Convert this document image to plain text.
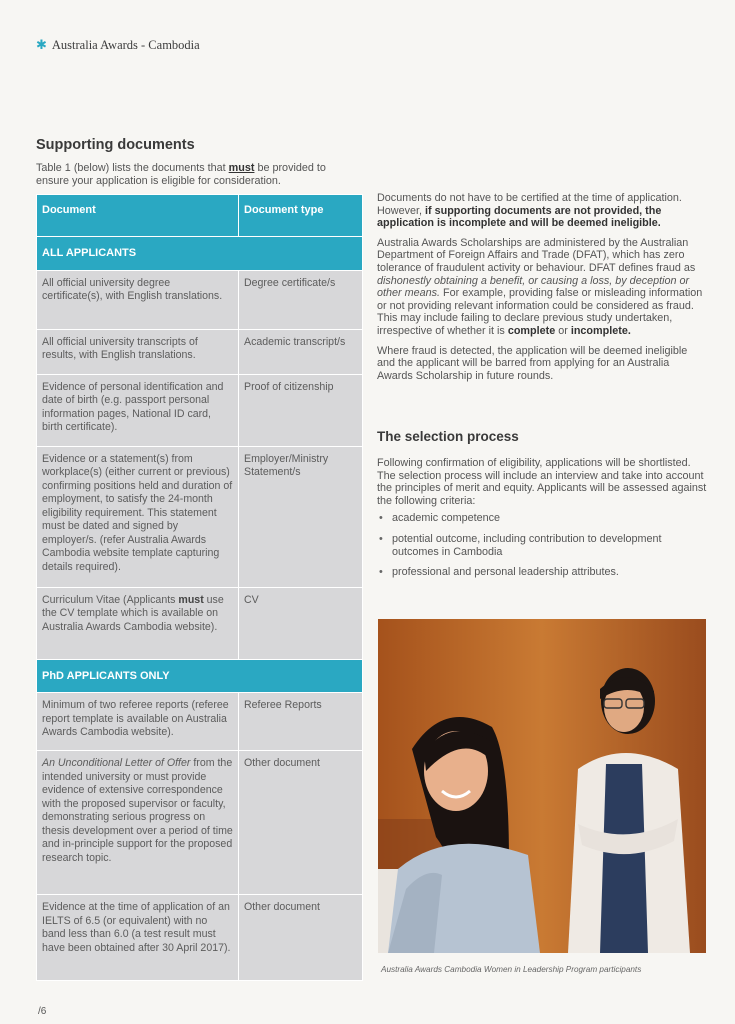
✱ Australia Awards - Cambodia
Supporting documents
Table 1 (below) lists the documents that must be provided to ensure your application is eligible for consideration.
Document	Document type
ALL APPLICANTS	
All official university degree certificate(s), with English translations.	Degree certificate/s
All official university transcripts of results, with English translations.	Academic transcript/s
Evidence of personal identification and date of birth (e.g. passport personal information pages, National ID card, birth certificate).	Proof of citizenship
Evidence or a statement(s) from workplace(s) (either current or previous) confirming positions held and duration of employment, to satisfy the 24-month eligibility requirement. This statement must be dated and signed by employer/s. (refer Australia Awards Cambodia website template capturing details required).	Employer/Ministry Statement/s
Curriculum Vitae (Applicants must use the CV template which is available on Australia Awards Cambodia website).	CV
PhD APPLICANTS ONLY	
Minimum of two referee reports (referee report template is available on Australia Awards Cambodia website).	Referee Reports
An Unconditional Letter of Offer from the intended university or must provide evidence of extensive correspondence with the proposed supervisor or faculty, demonstrating serious progress on thesis development over a period of time and in-principle support for the proposed research topic.	Other document
Evidence at the time of application of an IELTS of 6.5 (or equivalent) with no band less than 6.0 (a test result must have been obtained after 30 April 2017).	Other document

Documents do not have to be certified at the time of application. However, if supporting documents are not provided, the application is incomplete and will be deemed ineligible.

Australia Awards Scholarships are administered by the Australian Department of Foreign Affairs and Trade (DFAT), which has zero tolerance of fraudulent activity or behaviour. DFAT defines fraud as dishonestly obtaining a benefit, or causing a loss, by deception or other means. For example, providing false or misleading information or not providing relevant information could be considered as fraud. This may include failing to declare previous study undertaken, irrespective of whether it is complete or incomplete.

Where fraud is detected, the application will be deemed ineligible and the applicant will be barred from applying for an Australia Awards Scholarship in future rounds.

The selection process

Following confirmation of eligibility, applications will be shortlisted. The selection process will include an interview and take into account the principles of merit and equity. Applicants will be assessed against the following criteria:

• academic competence
• potential outcome, including contribution to development outcomes in Cambodia
• professional and personal leadership attributes.
Australia Awards Cambodia Women in Leadership Program participants
/6
